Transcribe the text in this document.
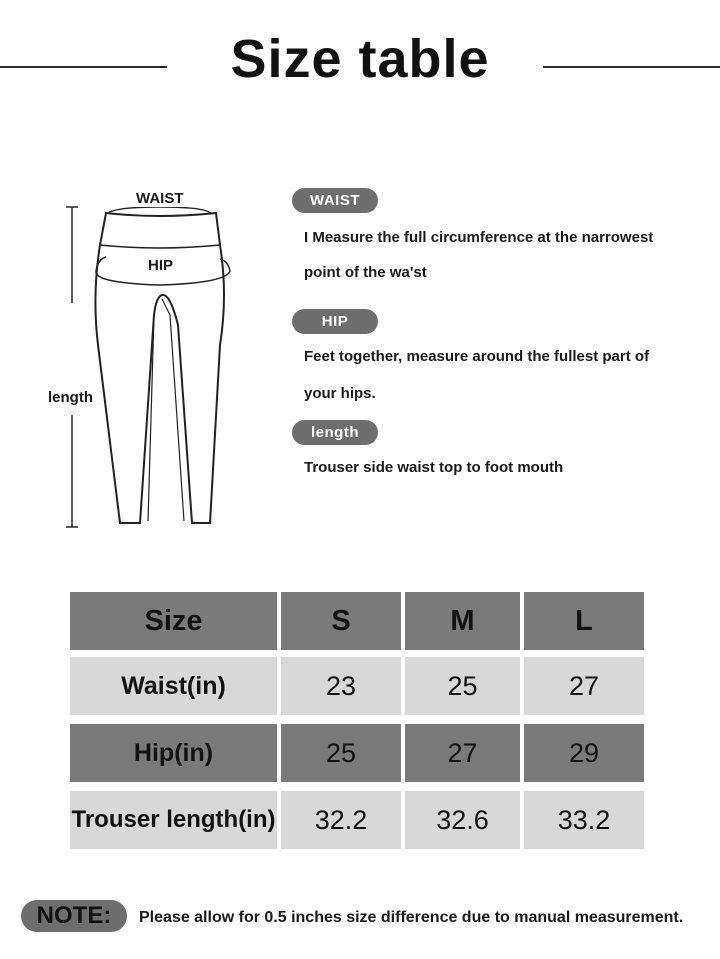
Size table
WAIST
HIP
length
WAIST
I Measure the full circumference at the narrowest
point of the wa'st
HIP
Feet together, measure around the fullest part of
your hips.
length
Trouser side waist top to foot mouth
Size	S	M	L
Waist(in)	23	25	27
Hip(in)	25	27	29
Trouser length(in)	32.2	32.6	33.2
NOTE:	Please allow for 0.5 inches size difference due to manual measurement.
